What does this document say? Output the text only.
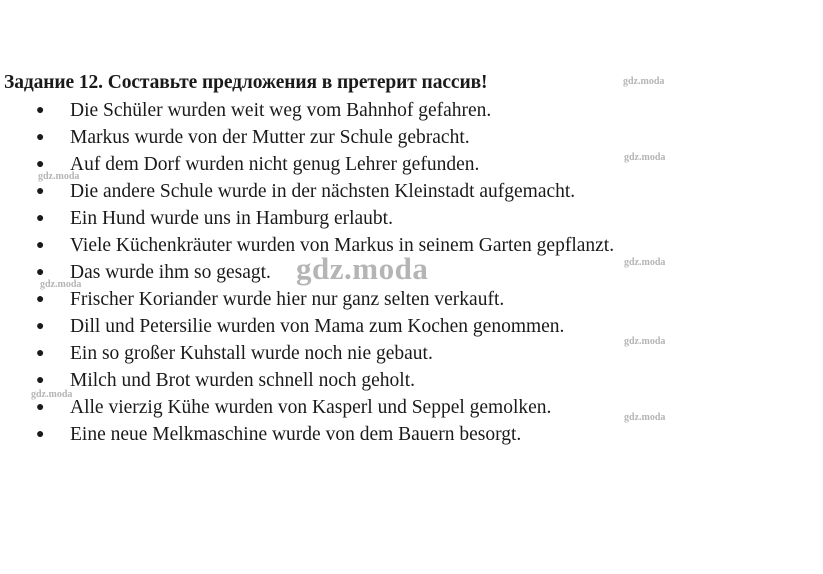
Задание 12. Составьте предложения в претерит пассив!
● Die Schüler wurden weit weg vom Bahnhof gefahren.
● Markus wurde von der Mutter zur Schule gebracht.
● Auf dem Dorf wurden nicht genug Lehrer gefunden.
● Die andere Schule wurde in der nächsten Kleinstadt aufgemacht.
● Ein Hund wurde uns in Hamburg erlaubt.
● Viele Küchenkräuter wurden von Markus in seinem Garten gepflanzt.
● Das wurde ihm so gesagt.
● Frischer Koriander wurde hier nur ganz selten verkauft.
● Dill und Petersilie wurden von Mama zum Kochen genommen.
● Ein so großer Kuhstall wurde noch nie gebaut.
● Milch und Brot wurden schnell noch geholt.
● Alle vierzig Kühe wurden von Kasperl und Seppel gemolken.
● Eine neue Melkmaschine wurde von dem Bauern besorgt.
gdz.moda
gdz.moda
gdz.moda
gdz.moda
gdz.moda
gdz.moda
gdz.moda
gdz.moda
gdz.moda
